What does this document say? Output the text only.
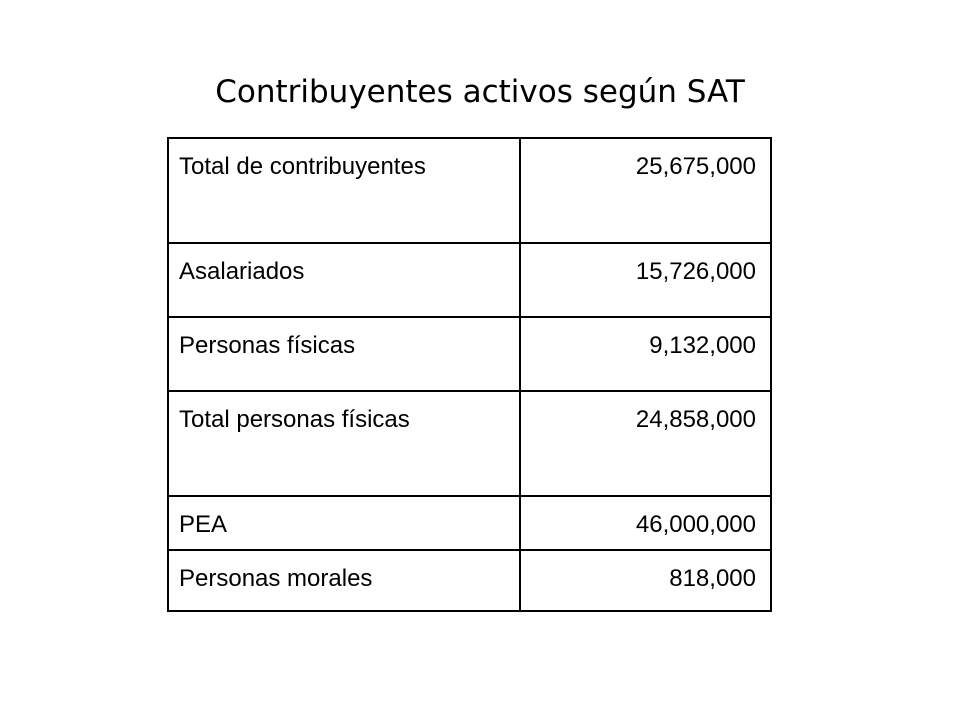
Contribuyentes activos según SAT
Total de contribuyentes	25,675,000
Asalariados	15,726,000
Personas físicas	9,132,000
Total personas físicas	24,858,000
PEA	46,000,000
Personas morales	818,000
